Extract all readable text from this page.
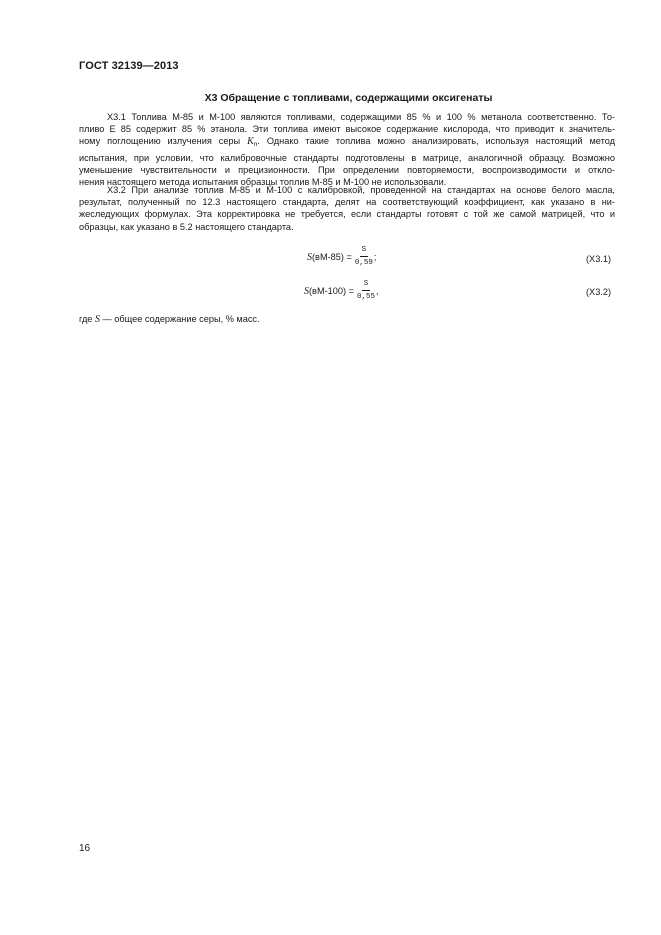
ГОСТ 32139—2013
X3 Обращение с топливами, содержащими оксигенаты
X3.1 Топлива М-85 и М-100 являются топливами, содержащими 85 % и 100 % метанола соответственно. То-
пливо Е 85 содержит 85 % этанола. Эти топлива имеют высокое содержание кислорода, что приводит к значитель-
ному поглощению излучения серы $K_n$. Однако такие топлива можно анализировать, используя настоящий метод
испытания, при условии, что калибровочные стандарты подготовлены в матрице, аналогичной образцу. Возможно
уменьшение чувствительности и прецизионности. При определении повторяемости, воспроизводимости и откло-
нения настоящего метода испытания образцы топлив М-85 и М-100 не использовали.
X3.2 При анализе топлив М-85 и М-100 с калибровкой, проведенной на стандартах на основе белого масла,
результат, полученный по 12.3 настоящего стандарта, делят на соответствующий коэффициент, как указано в ни-
жеследующих формулах. Эта корректировка не требуется, если стандарты готовят с той же самой матрицей, что и
образцы, как указано в 5.2 настоящего стандарта.
S $(вМ-85) = \frac{S}{0,59}$ ;	(X3.1)
S $(вМ-100) = \frac{S}{0,55}$ ,	(X3.2)
где S — общее содержание серы, % масс.
16
